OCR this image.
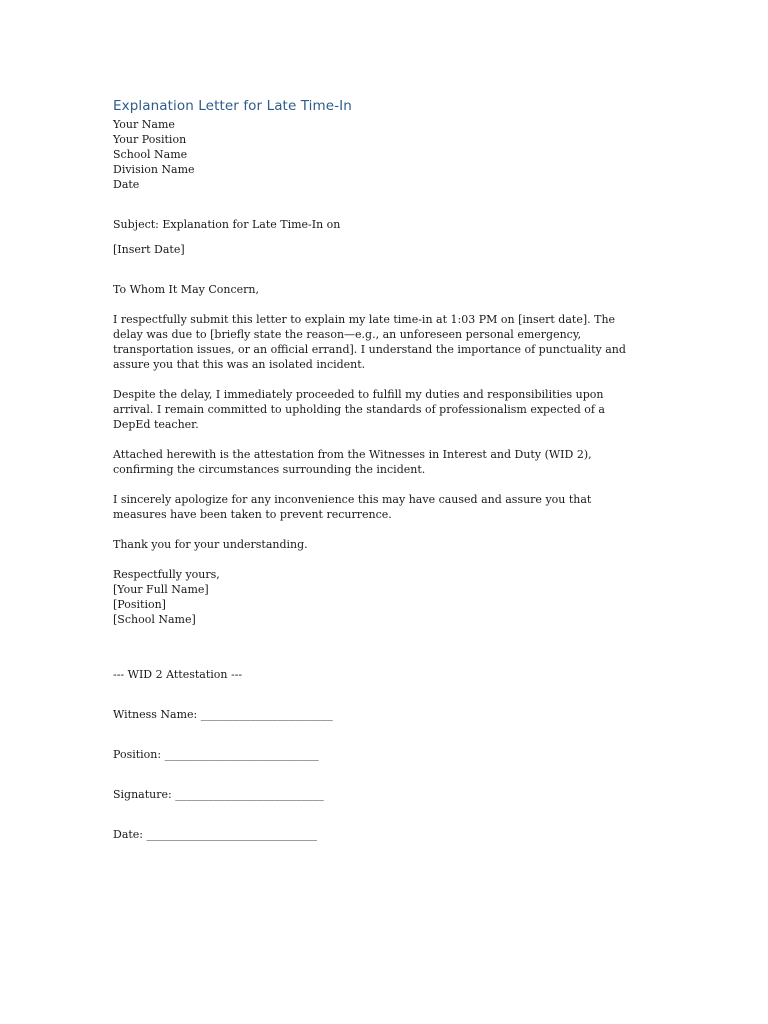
Explanation Letter for Late Time-In
Your Name
Your Position
School Name
Division Name
Date

Subject: Explanation for Late Time-In on

[Insert Date]

To Whom It May Concern,

I respectfully submit this letter to explain my late time-in at 1:03 PM on [insert date]. The
delay was due to [briefly state the reason—e.g., an unforeseen personal emergency,
transportation issues, or an official errand]. I understand the importance of punctuality and
assure you that this was an isolated incident.
Despite the delay, I immediately proceeded to fulfill my duties and responsibilities upon
arrival. I remain committed to upholding the standards of professionalism expected of a
DepEd teacher.
Attached herewith is the attestation from the Witnesses in Interest and Duty (WID 2),
confirming the circumstances surrounding the incident.
I sincerely apologize for any inconvenience this may have caused and assure you that
measures have been taken to prevent recurrence.

Thank you for your understanding.

Respectfully yours,
[Your Full Name]
[Position]
[School Name]

--- WID 2 Attestation ---

Witness Name: ________________________

Position: ____________________________

Signature: ___________________________

Date: _______________________________
